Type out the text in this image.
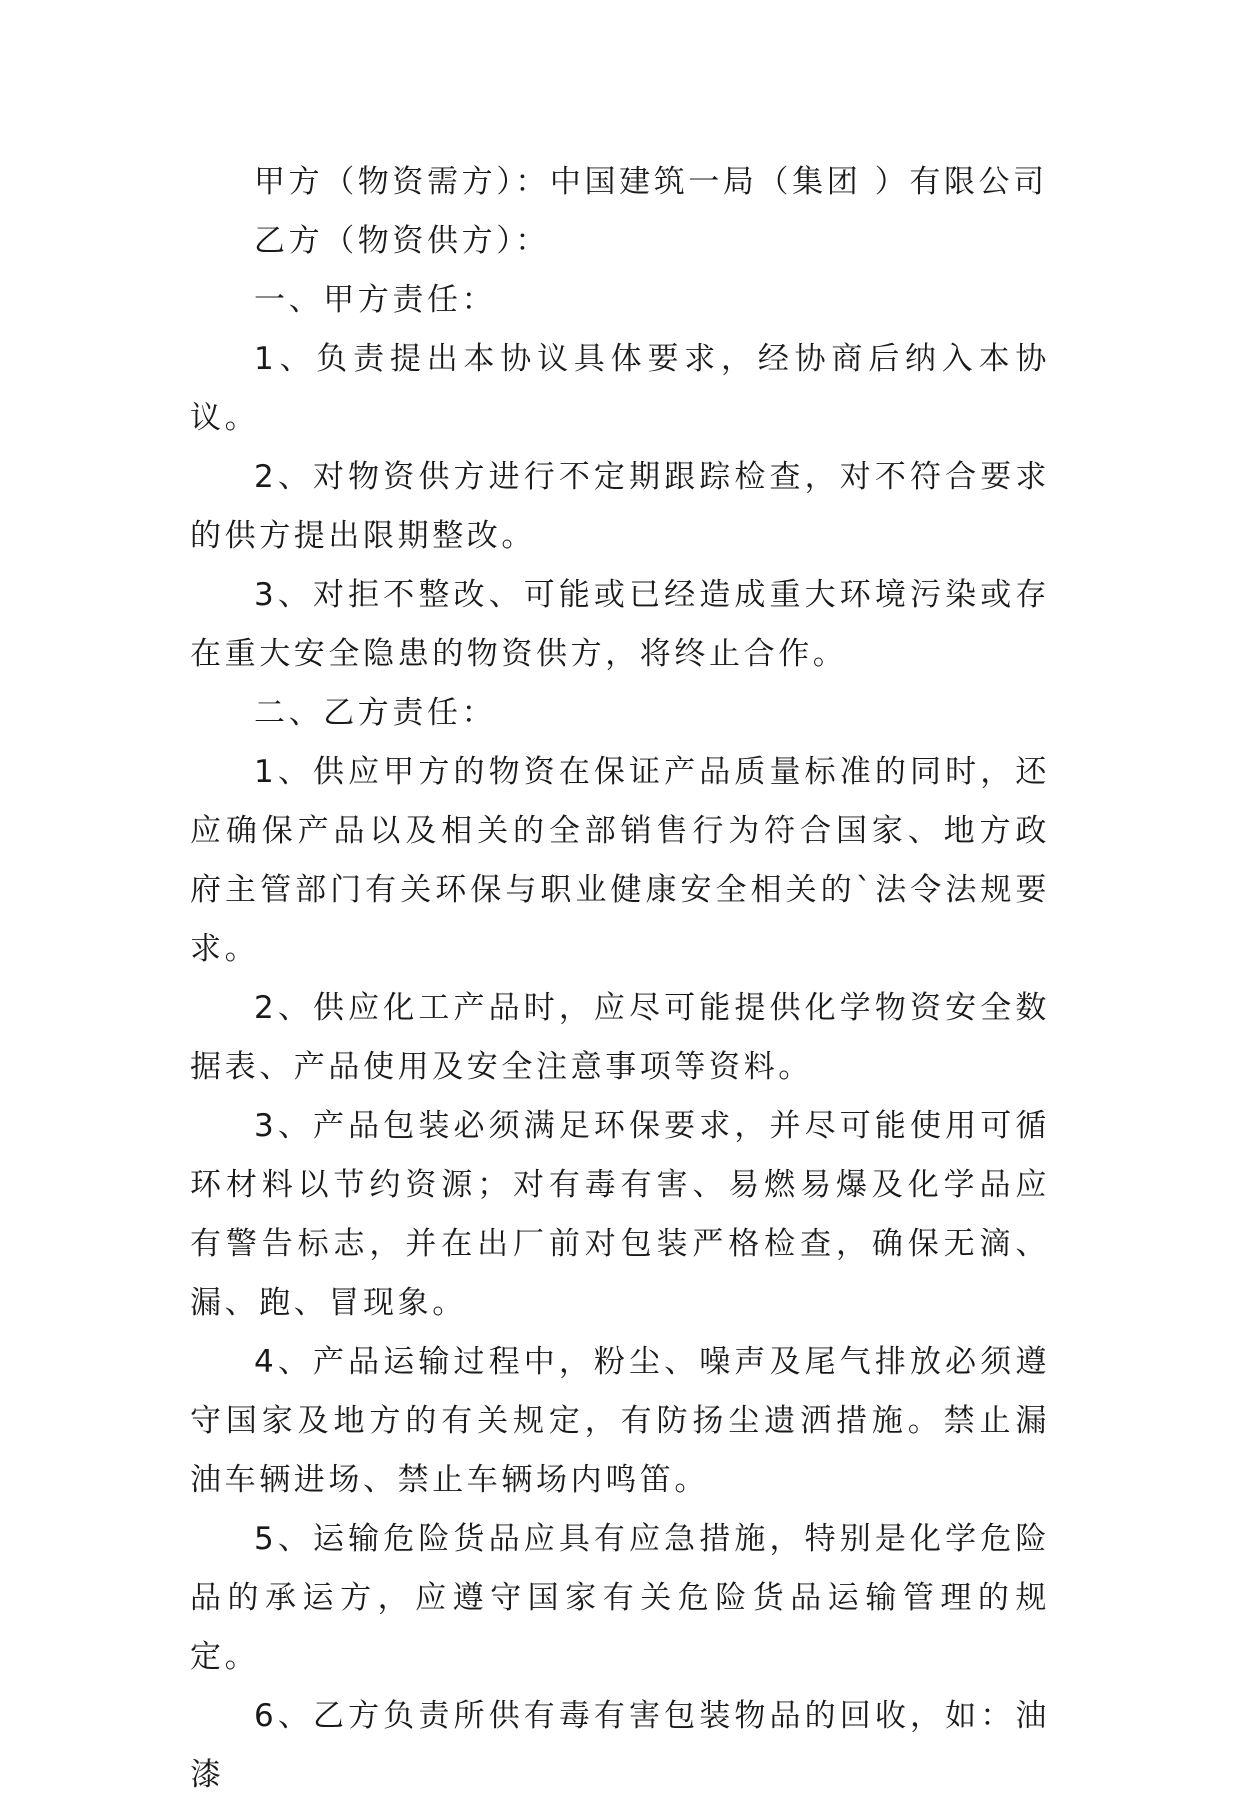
甲方（物资需方）：中国建筑一局（集团 ）有限公司

乙方（物资供方）：

一、甲方责任：

1、负责提出本协议具体要求，经协商后纳入本协议。

2、对物资供方进行不定期跟踪检查，对不符合要求的供方提出限期整改。

3、对拒不整改、可能或已经造成重大环境污染或存在重大安全隐患的物资供方，将终止合作。

二、乙方责任：

1、供应甲方的物资在保证产品质量标准的同时，还应确保产品以及相关的全部销售行为符合国家、地方政府主管部门有关环保与职业健康安全相关的`法令法规要求。

2、供应化工产品时，应尽可能提供化学物资安全数据表、产品使用及安全注意事项等资料。

3、产品包装必须满足环保要求，并尽可能使用可循环材料以节约资源；对有毒有害、易燃易爆及化学品应有警告标志，并在出厂前对包装严格检查，确保无滴、漏、跑、冒现象。

4、产品运输过程中，粉尘、噪声及尾气排放必须遵守国家及地方的有关规定，有防扬尘遗洒措施。禁止漏油车辆进场、禁止车辆场内鸣笛。

5、运输危险货品应具有应急措施，特别是化学危险品的承运方，应遵守国家有关危险货品运输管理的规定。

6、乙方负责所供有毒有害包装物品的回收，如：油漆
